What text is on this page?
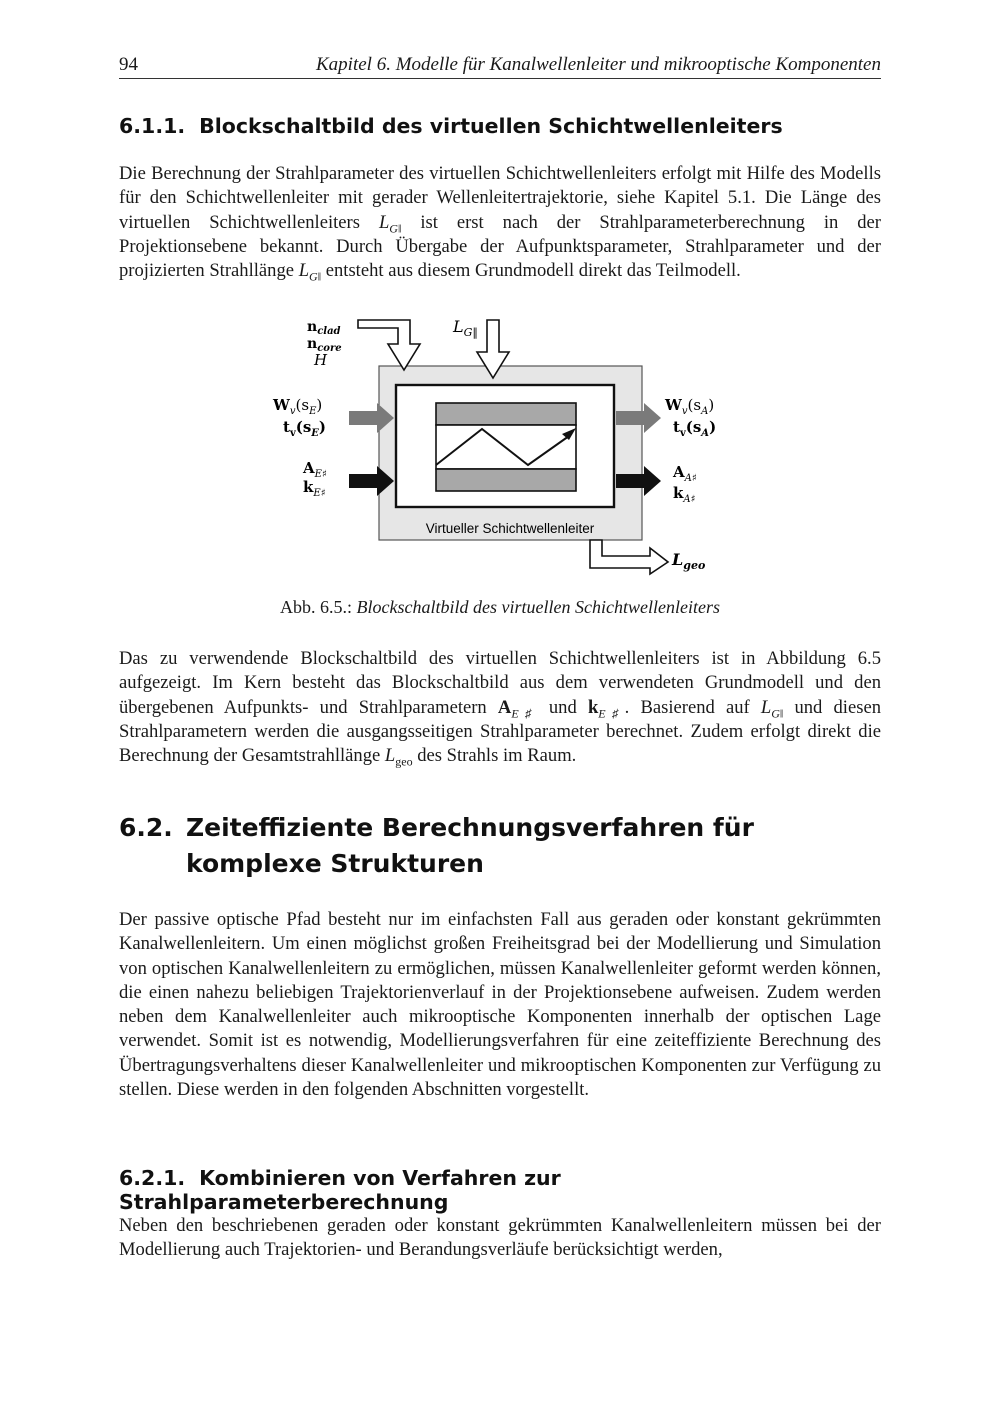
94	Kapitel 6. Modelle für Kanalwellenleiter und mikrooptische Komponenten
6.1.1. Blockschaltbild des virtuellen Schichtwellenleiters

Die Berechnung der Strahlparameter des virtuellen Schichtwellenleiters erfolgt mit Hilfe des Modells für den Schichtwellenleiter mit gerader Wellenleitertrajektorie, siehe Kapitel 5.1. Die Länge des virtuellen Schichtwellenleiters $L_{G‖}$ ist erst nach der Strahlparameterberechnung in der Projektionsebene bekannt. Durch Übergabe der Aufpunktsparameter, Strahlparameter und der projizierten Strahllänge $L_{G‖}$ entsteht aus diesem Grundmodell direkt das Teilmodell.

$n_{clad}$
$n_{core}$
H
$L_{G‖}$
$W_v(s_E)$
$t_v(s_E)$
$A_{E♯}$
$k_{E♯}$
$W_v(s_A)$
$t_v(s_A)$
$A_{A♯}$
$k_{A♯}$
Virtueller Schichtwellenleiter
$L_{geo}$
Abb. 6.5.: Blockschaltbild des virtuellen Schichtwellenleiters

Das zu verwendende Blockschaltbild des virtuellen Schichtwellenleiters ist in Abbildung 6.5 aufgezeigt. Im Kern besteht das Blockschaltbild aus dem verwendeten Grundmodell und den übergebenen Aufpunkts- und Strahlparametern $A_{E♯}$ und $k_{E♯}$. Basierend auf $L_{G‖}$ und diesen Strahlparametern werden die ausgangsseitigen Strahlparameter berechnet. Zudem erfolgt direkt die Berechnung der Gesamtstrahllänge $L_{geo}$ des Strahls im Raum.

6.2. Zeiteffiziente Berechnungsverfahren für komplexe Strukturen

Der passive optische Pfad besteht nur im einfachsten Fall aus geraden oder konstant gekrümmten Kanalwellenleitern. Um einen möglichst großen Freiheitsgrad bei der Modellierung und Simulation von optischen Kanalwellenleitern zu ermöglichen, müssen Kanalwellenleiter geformt werden können, die einen nahezu beliebigen Trajektorienverlauf in der Projektionsebene aufweisen. Zudem werden neben dem Kanalwellenleiter auch mikrooptische Komponenten innerhalb der optischen Lage verwendet. Somit ist es notwendig, Modellierungsverfahren für eine zeiteffiziente Berechnung des Übertragungsverhaltens dieser Kanalwellenleiter und mikrooptischen Komponenten zur Verfügung zu stellen. Diese werden in den folgenden Abschnitten vorgestellt.

6.2.1. Kombinieren von Verfahren zur Strahlparameterberechnung

Neben den beschriebenen geraden oder konstant gekrümmten Kanalwellenleitern müssen bei der Modellierung auch Trajektorien- und Berandungsverläufe berücksichtigt werden,
